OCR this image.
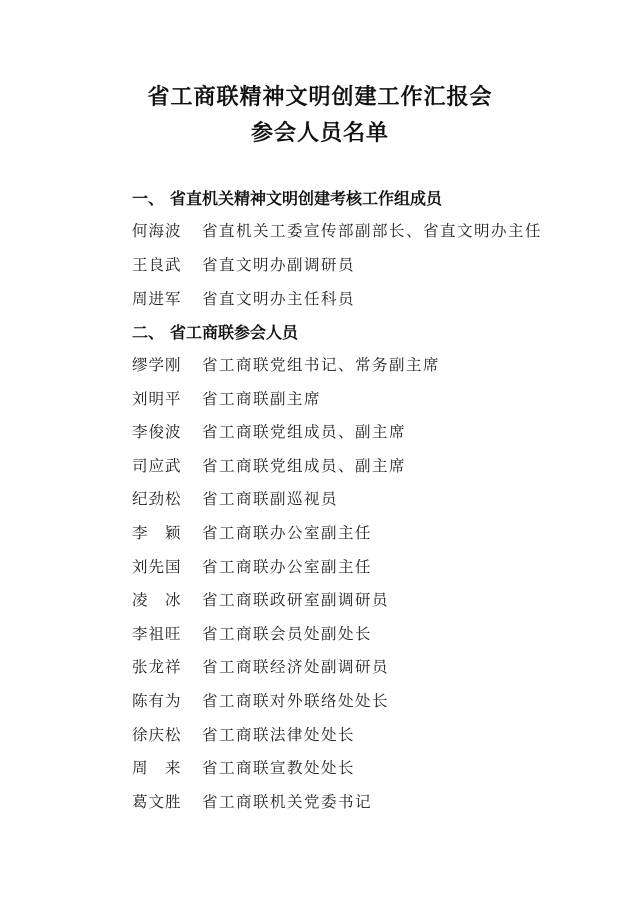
省工商联精神文明创建工作汇报会
参会人员名单
一、 省直机关精神文明创建考核工作组成员
何海波 省直机关工委宣传部副部长、省直文明办主任
王良武 省直文明办副调研员
周进军 省直文明办主任科员
二、 省工商联参会人员
缪学刚 省工商联党组书记、常务副主席
刘明平 省工商联副主席
李俊波 省工商联党组成员、副主席
司应武 省工商联党组成员、副主席
纪劲松 省工商联副巡视员
李　颖 省工商联办公室副主任
刘先国 省工商联办公室副主任
凌　冰 省工商联政研室副调研员
李祖旺 省工商联会员处副处长
张龙祥 省工商联经济处副调研员
陈有为 省工商联对外联络处处长
徐庆松 省工商联法律处处长
周　来 省工商联宣教处处长
葛文胜 省工商联机关党委书记
